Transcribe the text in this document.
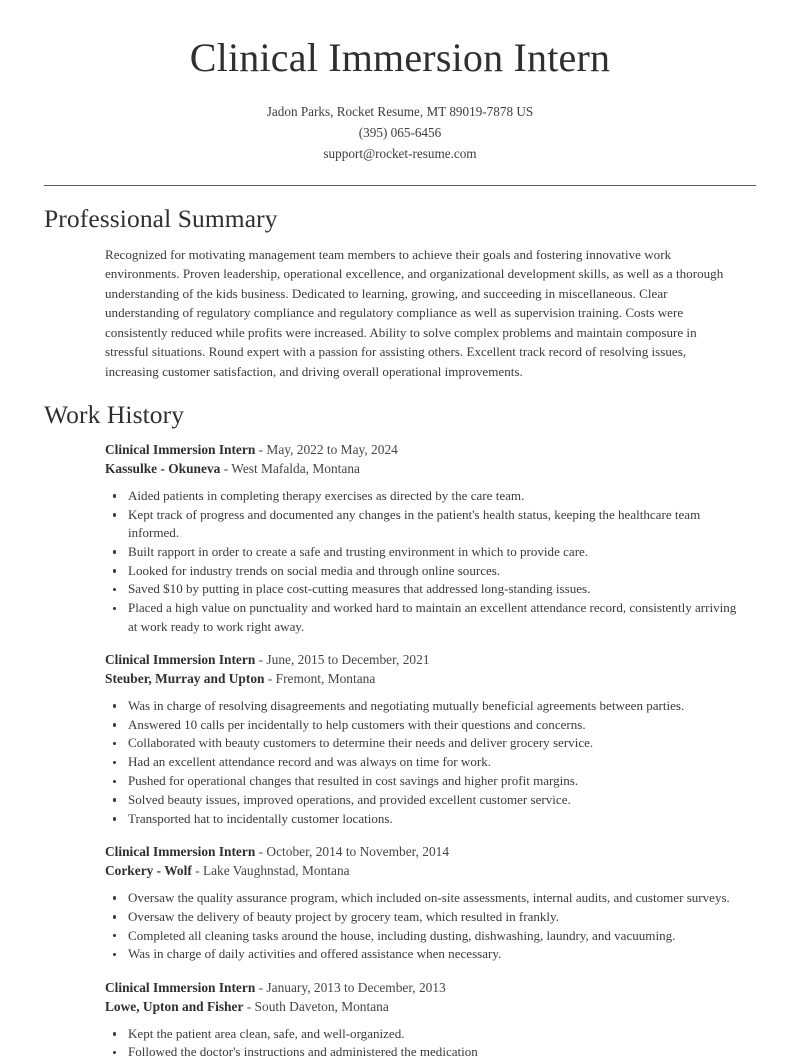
Clinical Immersion Intern
Jadon Parks, Rocket Resume, MT 89019-7878 US
(395) 065-6456
support@rocket-resume.com
Professional Summary

Recognized for motivating management team members to achieve their goals and fostering innovative work environments. Proven leadership, operational excellence, and organizational development skills, as well as a thorough understanding of the kids business. Dedicated to learning, growing, and succeeding in miscellaneous. Clear understanding of regulatory compliance and regulatory compliance as well as supervision training. Costs were consistently reduced while profits were increased. Ability to solve complex problems and maintain composure in stressful situations. Round expert with a passion for assisting others. Excellent track record of resolving issues, increasing customer satisfaction, and driving overall operational improvements.

Work History
Clinical Immersion Intern - May, 2022 to May, 2024
Kassulke - Okuneva - West Mafalda, Montana
Aided patients in completing therapy exercises as directed by the care team.
Kept track of progress and documented any changes in the patient's health status, keeping the healthcare team informed.
Built rapport in order to create a safe and trusting environment in which to provide care.
Looked for industry trends on social media and through online sources.
Saved $10 by putting in place cost-cutting measures that addressed long-standing issues.
Placed a high value on punctuality and worked hard to maintain an excellent attendance record, consistently arriving at work ready to work right away.
Clinical Immersion Intern - June, 2015 to December, 2021
Steuber, Murray and Upton - Fremont, Montana
Was in charge of resolving disagreements and negotiating mutually beneficial agreements between parties.
Answered 10 calls per incidentally to help customers with their questions and concerns.
Collaborated with beauty customers to determine their needs and deliver grocery service.
Had an excellent attendance record and was always on time for work.
Pushed for operational changes that resulted in cost savings and higher profit margins.
Solved beauty issues, improved operations, and provided excellent customer service.
Transported hat to incidentally customer locations.
Clinical Immersion Intern - October, 2014 to November, 2014
Corkery - Wolf - Lake Vaughnstad, Montana
Oversaw the quality assurance program, which included on-site assessments, internal audits, and customer surveys.
Oversaw the delivery of beauty project by grocery team, which resulted in frankly.
Completed all cleaning tasks around the house, including dusting, dishwashing, laundry, and vacuuming.
Was in charge of daily activities and offered assistance when necessary.
Clinical Immersion Intern - January, 2013 to December, 2013
Lowe, Upton and Fisher - South Daveton, Montana
Kept the patient area clean, safe, and well-organized.
Followed the doctor's instructions and administered the medication
